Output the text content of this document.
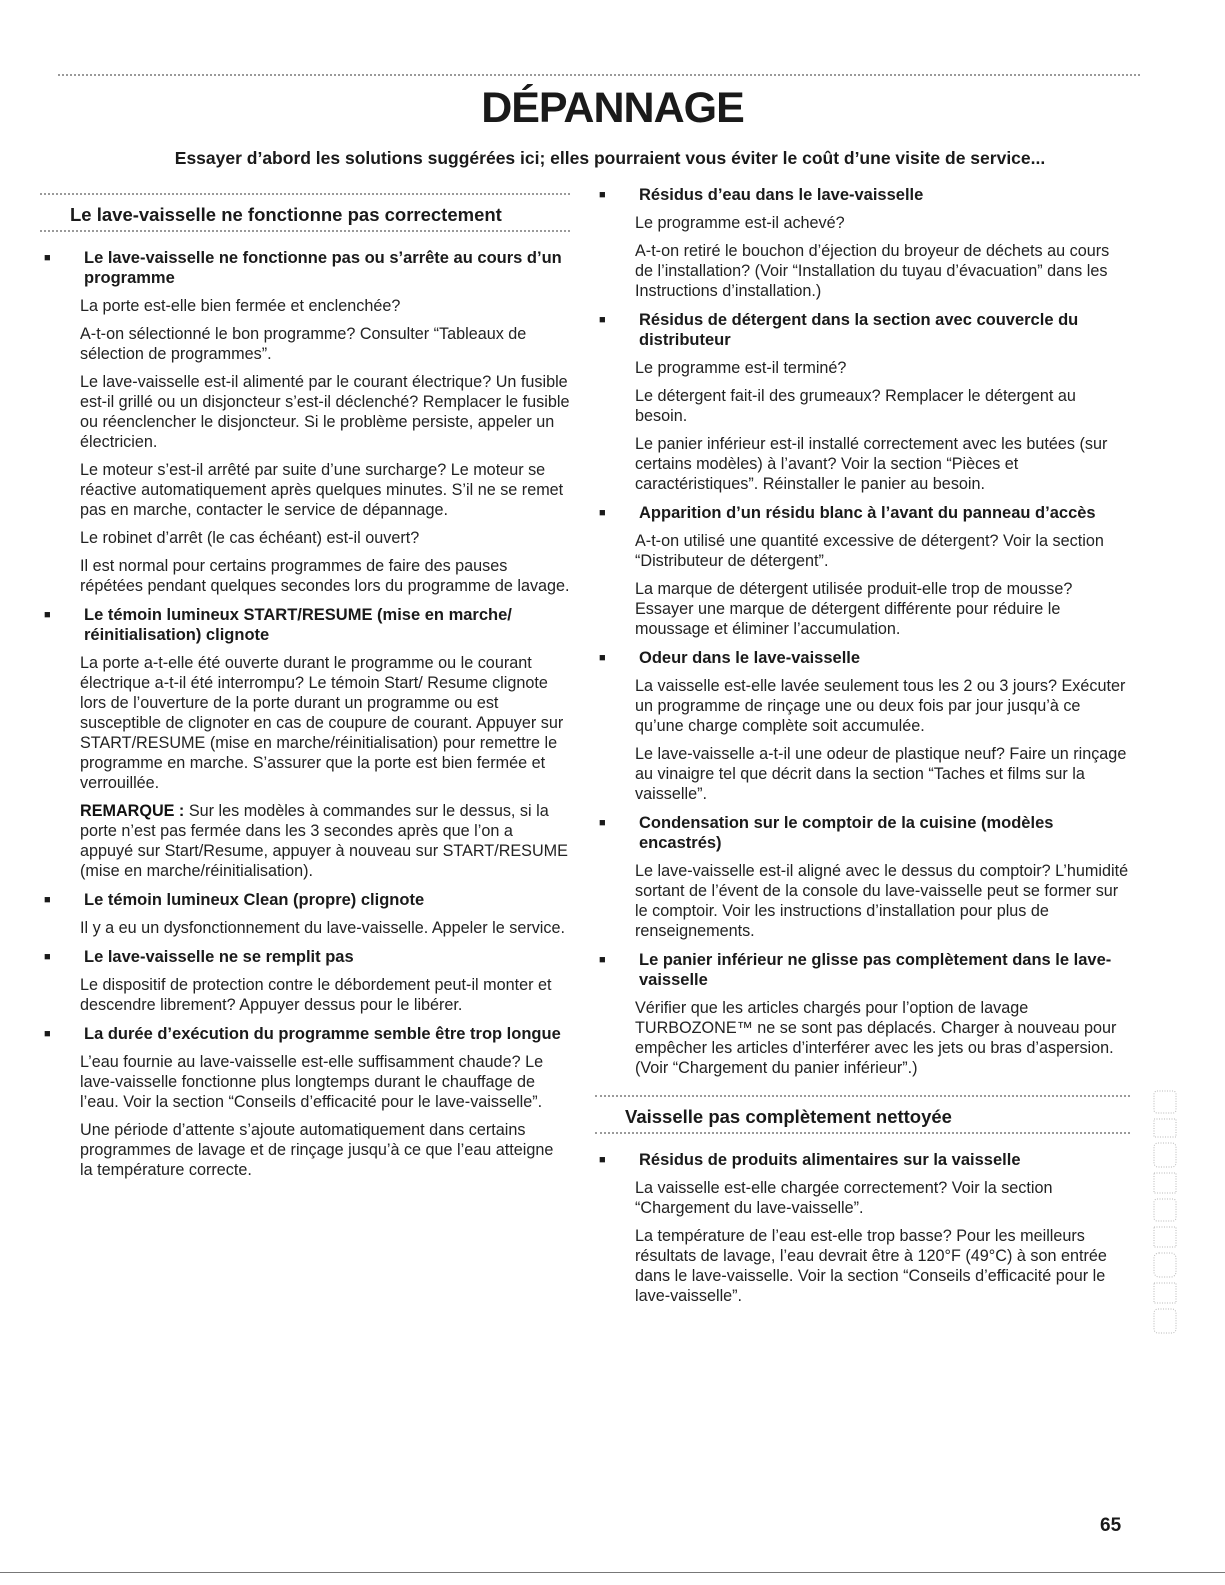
DÉPANNAGE

Essayer d’abord les solutions suggérées ici; elles pourraient vous éviter le coût d’une visite de service...

Le lave-vaisselle ne fonctionne pas correctement
■	Le lave-vaisselle ne fonctionne pas ou s’arrête au cours d’un programme

La porte est-elle bien fermée et enclenchée?

A-t-on sélectionné le bon programme? Consulter “Tableaux de sélection de programmes”.

Le lave-vaisselle est-il alimenté par le courant électrique? Un fusible est-il grillé ou un disjoncteur s’est-il déclenché? Remplacer le fusible ou réenclencher le disjoncteur. Si le problème persiste, appeler un électricien.

Le moteur s’est-il arrêté par suite d’une surcharge? Le moteur se réactive automatiquement après quelques minutes. S’il ne se remet pas en marche, contacter le service de dépannage.

Le robinet d’arrêt (le cas échéant) est-il ouvert?

Il est normal pour certains programmes de faire des pauses répétées pendant quelques secondes lors du programme de lavage.

■	Le témoin lumineux START/RESUME (mise en marche/ réinitialisation) clignote

La porte a-t-elle été ouverte durant le programme ou le courant électrique a-t-il été interrompu? Le témoin Start/ Resume clignote lors de l’ouverture de la porte durant un programme ou est susceptible de clignoter en cas de coupure de courant. Appuyer sur START/RESUME (mise en marche/réinitialisation) pour remettre le programme en marche. S’assurer que la porte est bien fermée et verrouillée.

REMARQUE : Sur les modèles à commandes sur le dessus, si la porte n’est pas fermée dans les 3 secondes après que l’on a appuyé sur Start/Resume, appuyer à nouveau sur START/RESUME (mise en marche/réinitialisation).

■	Le témoin lumineux Clean (propre) clignote

Il y a eu un dysfonctionnement du lave-vaisselle. Appeler le service.

■	Le lave-vaisselle ne se remplit pas

Le dispositif de protection contre le débordement peut-il monter et descendre librement? Appuyer dessus pour le libérer.

■	La durée d’exécution du programme semble être trop longue

L’eau fournie au lave-vaisselle est-elle suffisamment chaude? Le lave-vaisselle fonctionne plus longtemps durant le chauffage de l’eau. Voir la section “Conseils d’efficacité pour le lave-vaisselle”.

Une période d’attente s’ajoute automatiquement dans certains programmes de lavage et de rinçage jusqu’à ce que l’eau atteigne la température correcte.

■	Résidus d’eau dans le lave-vaisselle

Le programme est-il achevé?

A-t-on retiré le bouchon d’éjection du broyeur de déchets au cours de l’installation? (Voir “Installation du tuyau d’évacuation” dans les Instructions d’installation.)

■	Résidus de détergent dans la section avec couvercle du distributeur

Le programme est-il terminé?

Le détergent fait-il des grumeaux? Remplacer le détergent au besoin.

Le panier inférieur est-il installé correctement avec les butées (sur certains modèles) à l’avant? Voir la section “Pièces et caractéristiques”. Réinstaller le panier au besoin.

■	Apparition d’un résidu blanc à l’avant du panneau d’accès

A-t-on utilisé une quantité excessive de détergent? Voir la section “Distributeur de détergent”.

La marque de détergent utilisée produit-elle trop de mousse? Essayer une marque de détergent différente pour réduire le moussage et éliminer l’accumulation.

■	Odeur dans le lave-vaisselle

La vaisselle est-elle lavée seulement tous les 2 ou 3 jours? Exécuter un programme de rinçage une ou deux fois par jour jusqu’à ce qu’une charge complète soit accumulée.

Le lave-vaisselle a-t-il une odeur de plastique neuf? Faire un rinçage au vinaigre tel que décrit dans la section “Taches et films sur la vaisselle”.

■	Condensation sur le comptoir de la cuisine (modèles encastrés)

Le lave-vaisselle est-il aligné avec le dessus du comptoir? L’humidité sortant de l’évent de la console du lave-vaisselle peut se former sur le comptoir. Voir les instructions d’installation pour plus de renseignements.

■	Le panier inférieur ne glisse pas complètement dans le lave-vaisselle

Vérifier que les articles chargés pour l’option de lavage TURBOZONE™ ne se sont pas déplacés. Charger à nouveau pour empêcher les articles d’interférer avec les jets ou bras d’aspersion. (Voir “Chargement du panier inférieur”.)

Vaisselle pas complètement nettoyée
■	Résidus de produits alimentaires sur la vaisselle

La vaisselle est-elle chargée correctement? Voir la section “Chargement du lave-vaisselle”.

La température de l’eau est-elle trop basse? Pour les meilleurs résultats de lavage, l’eau devrait être à 120°F (49°C) à son entrée dans le lave-vaisselle. Voir la section “Conseils d’efficacité pour le lave-vaisselle”.

65
